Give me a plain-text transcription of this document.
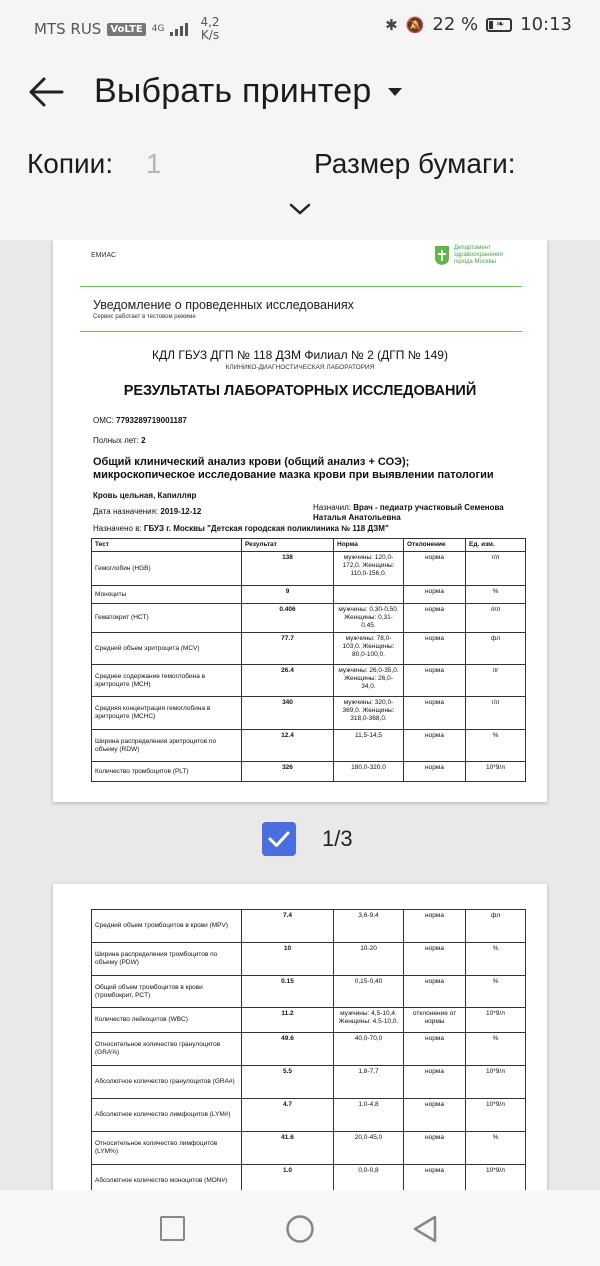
MTS RUS VoLTE	4G	4,2
K/s
✱ 🔕 22 % ❧ 10:13
Выбрать принтер
Копии: 1	Размер бумаги:
ЕМИАС
Департамент
здравоохранения
города Москвы
Уведомление о проведенных исследованиях
Сервис работает в тестовом режиме
КДЛ ГБУЗ ДГП № 118 ДЗМ Филиал № 2 (ДГП № 149)
КЛИНИКО-ДИАГНОСТИЧЕСКАЯ ЛАБОРАТОРИЯ
РЕЗУЛЬТАТЫ ЛАБОРАТОРНЫХ ИССЛЕДОВАНИЙ
ОМС: 7793289719001187
Полных лет: 2
Общий клинический анализ крови (общий анализ + СОЭ); микроскопическое исследование мазка крови при выявлении патологии
Кровь цельная, Капилляр
Дата назначения: 2019-12-12	Назначил: Врач - педиатр участковый Семенова Наталья Анатольевна
Назначено в: ГБУЗ г. Москвы "Детская городская поликлиника № 118 ДЗМ"
Тест	Результат	Норма	Отклонение	Ед. изм.
Гемоглобин (HGB)	138	мужчины: 120,0-172,0. Женщины: 110,0-156,0.	норма	г/л
Моноциты	9		норма	%
Гематокрит (HCT)	0.406	мужчины: 0,30-0,50. Женщины: 0,31-0,45.	норма	л/л
Средний объем эритроцита (MCV)	77.7	мужчины: 78,0-103,0. Женщины: 80,0-100,0.	норма	фл
Среднее содержание гемоглобина в эритроците (MCH)	26.4	мужчины: 26,0-35,0. Женщины: 26,0-34,0.	норма	пг
Средняя концентрация гемоглобина в эритроците (MCHC)	340	мужчины: 320,0-369,0. Женщины: 318,0-368,0.	норма	г/л
Ширина распределения эритроцитов по объему (RDW)	12.4	11,5-14,5	норма	%
Количество тромбоцитов (PLT)	326	180,0-320,0	норма	10*9/л
1/3
Средний объем тромбоцитов в крови (MPV)	7.4	3,6-9,4	норма	фл
Ширина распределения тромбоцитов по объему (PDW)	10	10-20	норма	%
Общий объем тромбоцитов в крови (тромбокрит, PCT)	0.15	0,15-0,40	норма	%
Количество лейкоцитов (WBC)	11.2	мужчины: 4,5-10,4. Женщины: 4,5-10,0.	отклонение от нормы	10*9/л
Относительное количество гранулоцитов (GRA%)	49.6	40,0-70,0	норма	%
Абсолютное количество гранулоцитов (GRA#)	5.5	1,8-7,7	норма	10*9/л
Абсолютное количество лимфоцитов (LYM#)	4.7	1,0-4,8	норма	10*9/л
Относительное количество лимфоцитов (LYM%)	41.6	20,0-45,0	норма	%
Абсолютное количество моноцитов (MON#)	1.0	0,0-0,8	норма	10*9/л
